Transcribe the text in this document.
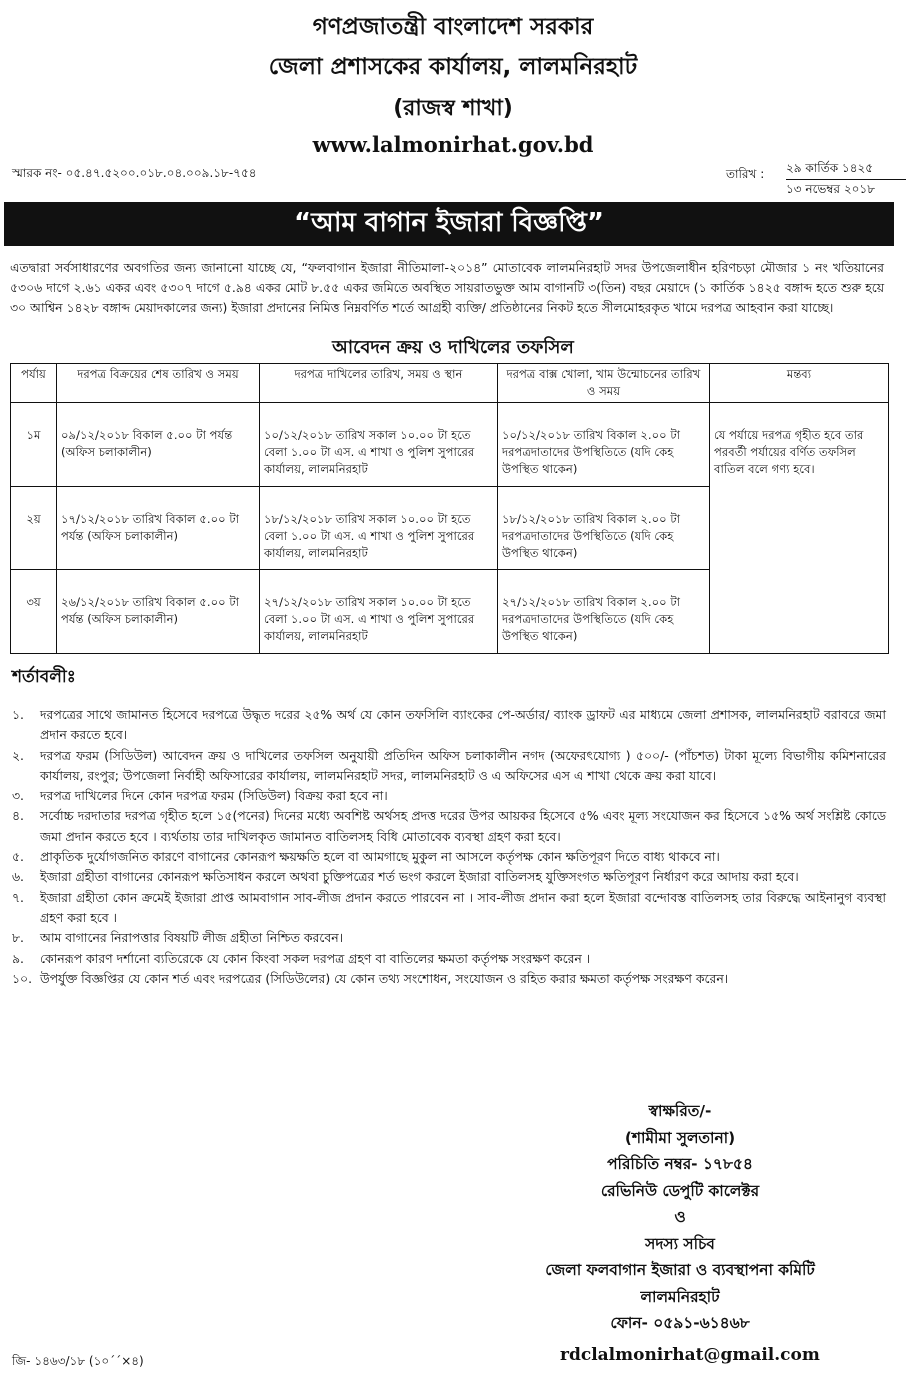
গণপ্রজাতন্ত্রী বাংলাদেশ সরকার
জেলা প্রশাসকের কার্যালয়, লালমনিরহাট
(রাজস্ব শাখা)
www.lalmonirhat.gov.bd
স্মারক নং- ০৫.৪৭.৫২০০.০১৮.০৪.০০৯.১৮-৭৫৪	তারিখ :	২৯ কার্তিক ১৪২৫
১৩ নভেম্বর ২০১৮
“আম বাগান ইজারা বিজ্ঞপ্তি”
এতদ্বারা সর্বসাধারণের অবগতির জন্য জানানো যাচ্ছে যে, “ফলবাগান ইজারা নীতিমালা-২০১৪” মোতাবেক লালমনিরহাট সদর উপজেলাধীন হরিণচড়া মৌজার ১ নং খতিয়ানের ৫৩০৬ দাগে ২.৬১ একর এবং ৫৩০৭ দাগে ৫.৯৪ একর মোট ৮.৫৫ একর জমিতে অবস্থিত সায়রাতভুক্ত আম বাগানটি ৩(তিন) বছর মেয়াদে (১ কার্তিক ১৪২৫ বঙ্গাব্দ হতে শুরু হয়ে ৩০ আশ্বিন ১৪২৮ বঙ্গাব্দ মেয়াদকালের জন্য) ইজারা প্রদানের নিমিত্ত নিম্নবর্ণিত শর্তে আগ্রহী ব্যক্তি/ প্রতিষ্ঠানের নিকট হতে সীলমোহরকৃত খামে দরপত্র আহবান করা যাচ্ছে।
আবেদন ক্রয় ও দাখিলের তফসিল
পর্যায়	দরপত্র বিক্রয়ের শেষ তারিখ ও সময়	দরপত্র দাখিলের তারিখ, সময় ও স্থান	দরপত্র বাক্স খোলা, খাম উন্মোচনের তারিখ ও সময়	মন্তব্য
১ম	০৯/১২/২০১৮ বিকাল ৫.০০ টা পর্যন্ত (অফিস চলাকালীন)	১০/১২/২০১৮ তারিখ সকাল ১০.০০ টা হতে বেলা ১.০০ টা এস. এ শাখা ও পুলিশ সুপারের কার্যালয়, লালমনিরহাট	১০/১২/২০১৮ তারিখ বিকাল ২.০০ টা দরপত্রদাতাদের উপস্থিতিতে (যদি কেহ উপস্থিত থাকেন)	যে পর্যায়ে দরপত্র গৃহীত হবে তার পরবর্তী পর্যায়ের বর্ণিত তফসিল বাতিল বলে গণ্য হবে।
২য়	১৭/১২/২০১৮ তারিখ বিকাল ৫.০০ টা পর্যন্ত (অফিস চলাকালীন)	১৮/১২/২০১৮ তারিখ সকাল ১০.০০ টা হতে বেলা ১.০০ টা এস. এ শাখা ও পুলিশ সুপারের কার্যালয়, লালমনিরহাট	১৮/১২/২০১৮ তারিখ বিকাল ২.০০ টা দরপত্রদাতাদের উপস্থিতিতে (যদি কেহ উপস্থিত থাকেন)	
৩য়	২৬/১২/২০১৮ তারিখ বিকাল ৫.০০ টা পর্যন্ত (অফিস চলাকালীন)	২৭/১২/২০১৮ তারিখ সকাল ১০.০০ টা হতে বেলা ১.০০ টা এস. এ শাখা ও পুলিশ সুপারের কার্যালয়, লালমনিরহাট	২৭/১২/২০১৮ তারিখ বিকাল ২.০০ টা দরপত্রদাতাদের উপস্থিতিতে (যদি কেহ উপস্থিত থাকেন)	
শর্তাবলীঃ
১. দরপত্রের সাথে জামানত হিসেবে দরপত্রে উদ্ধৃত দরের ২৫% অর্থ যে কোন তফসিলি ব্যাংকের পে-অর্ডার/ ব্যাংক ড্রাফট এর মাধ্যমে জেলা প্রশাসক, লালমনিরহাট বরাবরে জমা প্রদান করতে হবে।
২. দরপত্র ফরম (সিডিউল) আবেদন ক্রয় ও দাখিলের তফসিল অনুযায়ী প্রতিদিন অফিস চলাকালীন নগদ (অফেরৎযোগ্য ) ৫০০/- (পাঁচশত) টাকা মূল্যে বিভাগীয় কমিশনারের কার্যালয়, রংপুর; উপজেলা নির্বাহী অফিসারের কার্যালয়, লালমনিরহাট সদর, লালমনিরহাট ও এ অফিসের এস এ শাখা থেকে ক্রয় করা যাবে।
৩. দরপত্র দাখিলের দিনে কোন দরপত্র ফরম (সিডিউল) বিক্রয় করা হবে না।
৪. সর্বোচ্চ দরদাতার দরপত্র গৃহীত হলে ১৫(পনের) দিনের মধ্যে অবশিষ্ট অর্থসহ প্রদত্ত দরের উপর আয়কর হিসেবে ৫% এবং মূল্য সংযোজন কর হিসেবে ১৫% অর্থ সংশ্লিষ্ট কোডে জমা প্রদান করতে হবে । ব্যর্থতায় তার দাখিলকৃত জামানত বাতিলসহ বিধি মোতাবেক ব্যবস্থা গ্রহণ করা হবে।
৫. প্রাকৃতিক দুর্যোগজনিত কারণে বাগানের কোনরূপ ক্ষয়ক্ষতি হলে বা আমগাছে মুকুল না আসলে কর্তৃপক্ষ কোন ক্ষতিপূরণ দিতে বাধ্য থাকবে না।
৬. ইজারা গ্রহীতা বাগানের কোনরূপ ক্ষতিসাধন করলে অথবা চুক্তিপত্রের শর্ত ভংগ করলে ইজারা বাতিলসহ যুক্তিসংগত ক্ষতিপূরণ নির্ধারণ করে আদায় করা হবে।
৭. ইজারা গ্রহীতা কোন ক্রমেই ইজারা প্রাপ্ত আমবাগান সাব-লীজ প্রদান করতে পারবেন না । সাব-লীজ প্রদান করা হলে ইজারা বন্দোবস্ত বাতিলসহ তার বিরুদ্ধে আইনানুগ ব্যবস্থা গ্রহণ করা হবে ।
৮. আম বাগানের নিরাপত্তার বিষয়টি লীজ গ্রহীতা নিশ্চিত করবেন।
৯. কোনরূপ কারণ দর্শানো ব্যতিরেকে যে কোন কিংবা সকল দরপত্র গ্রহণ বা বাতিলের ক্ষমতা কর্তৃপক্ষ সংরক্ষণ করেন ।
১০. উপর্যুক্ত বিজ্ঞপ্তির যে কোন শর্ত এবং দরপত্রের (সিডিউলের) যে কোন তথ্য সংশোধন, সংযোজন ও রহিত করার ক্ষমতা কর্তৃপক্ষ সংরক্ষণ করেন।
স্বাক্ষরিত/-
(শামীমা সুলতানা)
পরিচিতি নম্বর- ১৭৮৫৪
রেভিনিউ ডেপুটি কালেক্টর
ও
সদস্য সচিব
জেলা ফলবাগান ইজারা ও ব্যবস্থাপনা কমিটি
লালমনিরহাট
ফোন- ০৫৯১-৬১৪৬৮
জি- ১৪৬৩/১৮ (১০´´×৪)	rdclalmonirhat@gmail.com
